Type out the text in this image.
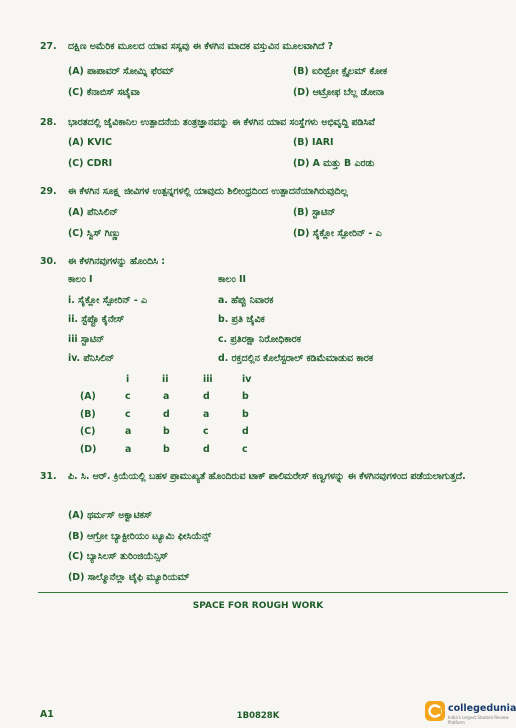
27. ದಕ್ಷಿಣ ಅಮೆರಿಕ ಮೂಲದ ಯಾವ ಸಸ್ಯವು ಈ ಕೆಳಗಿನ ಮಾದಕ ವಸ್ತುವಿನ ಮೂಲವಾಗಿದೆ ?
(A) ಪಾಪಾವರ್ ಸೋಮ್ನಿ ಫೆರಮ್	(B) ಐರಿಥ್ರೋ ಕ್ಸೈಲಮ್ ಕೋಕ
(C) ಕೆನಾಬಿಸ್ ಸಟೈವಾ	(D) ಆಟ್ರೋಫ ಬೆಲ್ಲ ಡೋನಾ
28. ಭಾರತದಲ್ಲಿ ಜೈವಿಕಾನಿಲ ಉತ್ಪಾದನೆಯ ತಂತ್ರಜ್ಞಾನವನ್ನು ಈ ಕೆಳಗಿನ ಯಾವ ಸಂಸ್ಥೆಗಳು ಅಭಿವೃದ್ಧಿ ಪಡಿಸಿವೆ
(A) KVIC	(B) IARI
(C) CDRI	(D) A ಮತ್ತು B ಎರಡು
29. ಈ ಕೆಳಗಿನ ಸೂಕ್ಷ್ಮ ಜೀವಿಗಳ ಉತ್ಪನ್ನಗಳಲ್ಲಿ ಯಾವುದು ಶಿಲೀಂಧ್ರದಿಂದ ಉತ್ಪಾದನೆಯಾಗಿರುವುದಿಲ್ಲ
(A) ಪೆನಿಸಿಲಿನ್	(B) ಸ್ಟಾಟಿನ್
(C) ಸ್ವಿಸ್ ಗಿಣ್ಣು	(D) ಸೈಕ್ಲೋ ಸ್ಪೋರಿನ್ - ಎ
30. ಈ ಕೆಳಗಿನವುಗಳನ್ನು ಹೊಂದಿಸಿ :
ಕಾಲಂ I	ಕಾಲಂ II
i. ಸೈಕ್ಲೋ ಸ್ಪೋರಿನ್ - ಎ	a. ಹೆಪ್ಪು ನಿವಾರಕ
ii. ಸ್ಟೆಪ್ಟೊ ಕೈನೇಸ್	b. ಪ್ರತಿ ಜೈವಿಕ
iii ಸ್ಟಾಟಿನ್	c. ಪ್ರತಿರಕ್ಷಾ ನಿರೋಧಿಕಾರಕ
iv. ಪೆನಿಸಿಲಿನ್	d. ರಕ್ತದಲ್ಲಿನ ಕೊಲೆಸ್ಟರಾಲ್ ಕಡಿಮೆಮಾಡುವ ಕಾರಕ
i	ii	iii	iv
(A)	c	a	d	b
(B)	c	d	a	b
(C)	a	b	c	d
(D)	a	b	d	c
31. ಪಿ. ಸಿ. ಆರ್. ಕ್ರಿಯೆಯಲ್ಲಿ ಬಹಳ ಪ್ರಾಮುಖ್ಯತೆ ಹೊಂದಿರುವ ಟಾಕ್ ಪಾಲಿಮರೇಸ್ ಕಣ್ವಗಳನ್ನು ಈ ಕೆಳಗಿನವುಗಳಿಂದ ಪಡೆಯಲಾಗುತ್ತದೆ.
(A) ಥರ್ಮಸ್ ಅಕ್ವಾಟಿಕಸ್
(B) ಆಗ್ರೋ ಬ್ಯಾಕ್ಟೀರಿಯಂ ಟ್ಯೂಮಿ ಫೀಸಿಯೆನ್ಸ್
(C) ಬ್ಯಾಸಿಲಸ್ ತುರಿಂಜಿಯೆನ್ಸಿಸ್
(D) ಸಾಲ್ಮೊನೆಲ್ಲಾ ಟೈಫಿ ಮ್ಯೂರಿಯಮ್
SPACE FOR ROUGH WORK
A1	1B0828K
collegedunia
India's largest Student Review Platform
